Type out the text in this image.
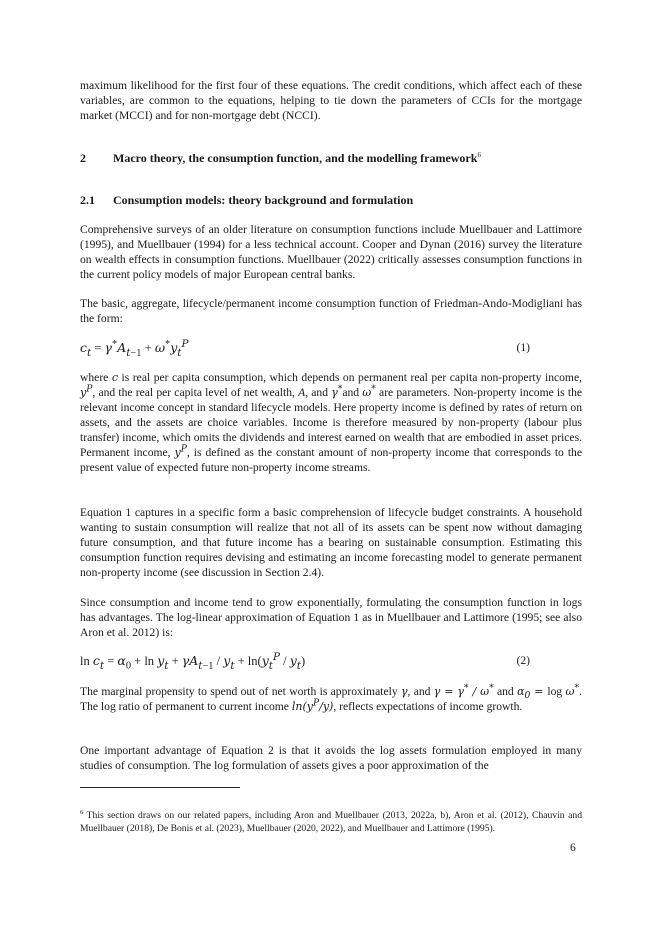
maximum likelihood for the first four of these equations. The credit conditions, which affect each of these variables, are common to the equations, helping to tie down the parameters of CCIs for the mortgage market (MCCI) and for non-mortgage debt (NCCI).

2 Macro theory, the consumption function, and the modelling framework$^6$
2.1 Consumption models: theory background and formulation

Comprehensive surveys of an older literature on consumption functions include Muellbauer and Lattimore (1995), and Muellbauer (1994) for a less technical account. Cooper and Dynan (2016) survey the literature on wealth effects in consumption functions. Muellbauer (2022) critically assesses consumption functions in the current policy models of major European central banks.

The basic, aggregate, lifecycle/permanent income consumption function of Friedman-Ando-Modigliani has the form:

$c_t = \gamma^*A_{t-1} + \omega^*y_t^P$	(1)

where c is real per capita consumption, which depends on permanent real per capita non-property income, $y^P$, and the real per capita level of net wealth, A, and γ*and ω* are parameters. Non-property income is the relevant income concept in standard lifecycle models. Here property income is defined by rates of return on assets, and the assets are choice variables. Income is therefore measured by non-property (labour plus transfer) income, which omits the dividends and interest earned on wealth that are embodied in asset prices. Permanent income, $y^P$, is defined as the constant amount of non-property income that corresponds to the present value of expected future non-property income streams.

Equation 1 captures in a specific form a basic comprehension of lifecycle budget constraints. A household wanting to sustain consumption will realize that not all of its assets can be spent now without damaging future consumption, and that future income has a bearing on sustainable consumption. Estimating this consumption function requires devising and estimating an income forecasting model to generate permanent non-property income (see discussion in Section 2.4).

Since consumption and income tend to grow exponentially, formulating the consumption function in logs has advantages. The log-linear approximation of Equation 1 as in Muellbauer and Lattimore (1995; see also Aron et al. 2012) is:

$\ln c_t = \alpha_0 + \ln y_t + \gamma A_{t-1} / y_t + \ln(y_t^P / y_t)$	(2)

The marginal propensity to spend out of net worth is approximately γ, and γ = γ* / ω* and $\alpha_0 = \log \omega^*$. The log ratio of permanent to current income $\ln(y^P/y)$, reflects expectations of income growth.

One important advantage of Equation 2 is that it avoids the log assets formulation employed in many studies of consumption. The log formulation of assets gives a poor approximation of the

$^6$ This section draws on our related papers, including Aron and Muellbauer (2013, 2022a, b), Aron et al. (2012), Chauvin and Muellbauer (2018), De Bonis et al. (2023), Muellbauer (2020, 2022), and Muellbauer and Lattimore (1995).

6
